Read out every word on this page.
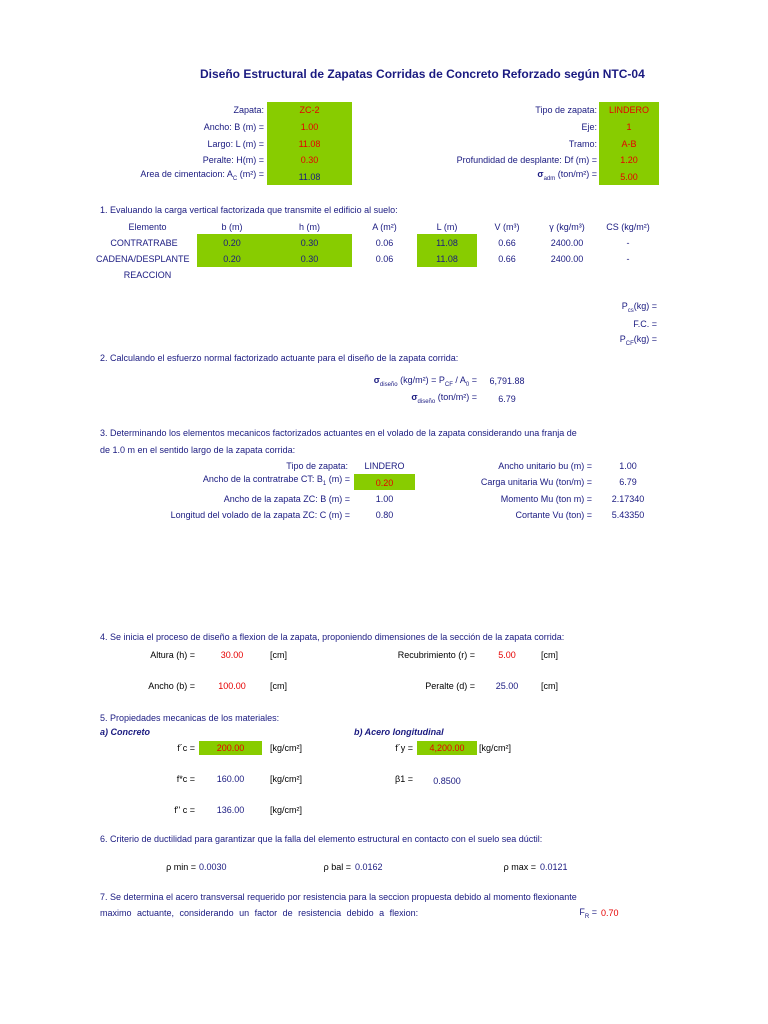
Diseño Estructural de Zapatas Corridas de Concreto Reforzado según NTC-04
Zapata:	ZC-2
Ancho: B (m) =	1.00
Largo: L (m) =	11.08
Peralte: H(m) =	0.30
Area de cimentacion: $A_C$ (m²) =	11.08
Tipo de zapata:	LINDERO
Eje:	1
Tramo:	A-B
Profundidad de desplante: Df (m) =	1.20
$\sigma_{adm}$ (ton/m²) =	5.00
1. Evaluando la carga vertical factorizada que transmite el edificio al suelo:
Elemento	b (m)	h (m)	A (m²)	L (m)	V (m³)	γ (kg/m³)	CS (kg/m²)
CONTRATRABE	0.20	0.30	0.06	11.08	0.66	2400.00	-
CADENA/DESPLANTE	0.20	0.30	0.06	11.08	0.66	2400.00	-
REACCION
$P_{cs}(kg)$ =
F.C. =
$P_{CF}(kg)$ =
2. Calculando el esfuerzo normal factorizado actuante para el diseño de la zapata corrida:
$\sigma_{diseño}$ $(kg/m^2) = P_{CF} / A_0$ =	6,791.88
$\sigma_{diseño}$ (ton/m²) =	6.79
3. Determinando los elementos mecanicos factorizados actuantes en el volado de la zapata considerando una franja de
de 1.0 m en el sentido largo de la zapata corrida:
Tipo de zapata:	LINDERO
Ancho de la contratrabe CT: $B_1$ (m) =	0.20
Ancho de la zapata ZC: B (m) =	1.00
Longitud del volado de la zapata ZC: C (m) =	0.80
Ancho unitario bu (m) =	1.00
Carga unitaria Wu (ton/m) =	6.79
Momento Mu (ton m) =	2.17340
Cortante Vu (ton) =	5.43350
4. Se inicia el proceso de diseño a flexion de la zapata, proponiendo dimensiones de la sección de la zapata corrida:
Altura (h) =	30.00	[cm]
Ancho (b) =	100.00	[cm]
Recubrimiento (r) =	5.00	[cm]
Peralte (d) =	25.00	[cm]
5. Propiedades mecanicas de los materiales:
a) Concreto	b) Acero longitudinal
f´c =	200.00	[kg/cm²]
f*c =	160.00	[kg/cm²]
f'' c =	136.00	[kg/cm²]
f´y =	4,200.00	[kg/cm²]
β1 =	0.8500
6. Criterio de ductilidad para garantizar que la falla del elemento estructural en contacto con el suelo sea dúctil:
ρ min = 0.0030	ρ bal = 0.0162	ρ max = 0.0121
7. Se determina el acero transversal requerido por resistencia para la seccion propuesta debido al momento flexionante
maximo actuante, considerando un factor de resistencia debido a flexion:	$F_R = 0.70$
